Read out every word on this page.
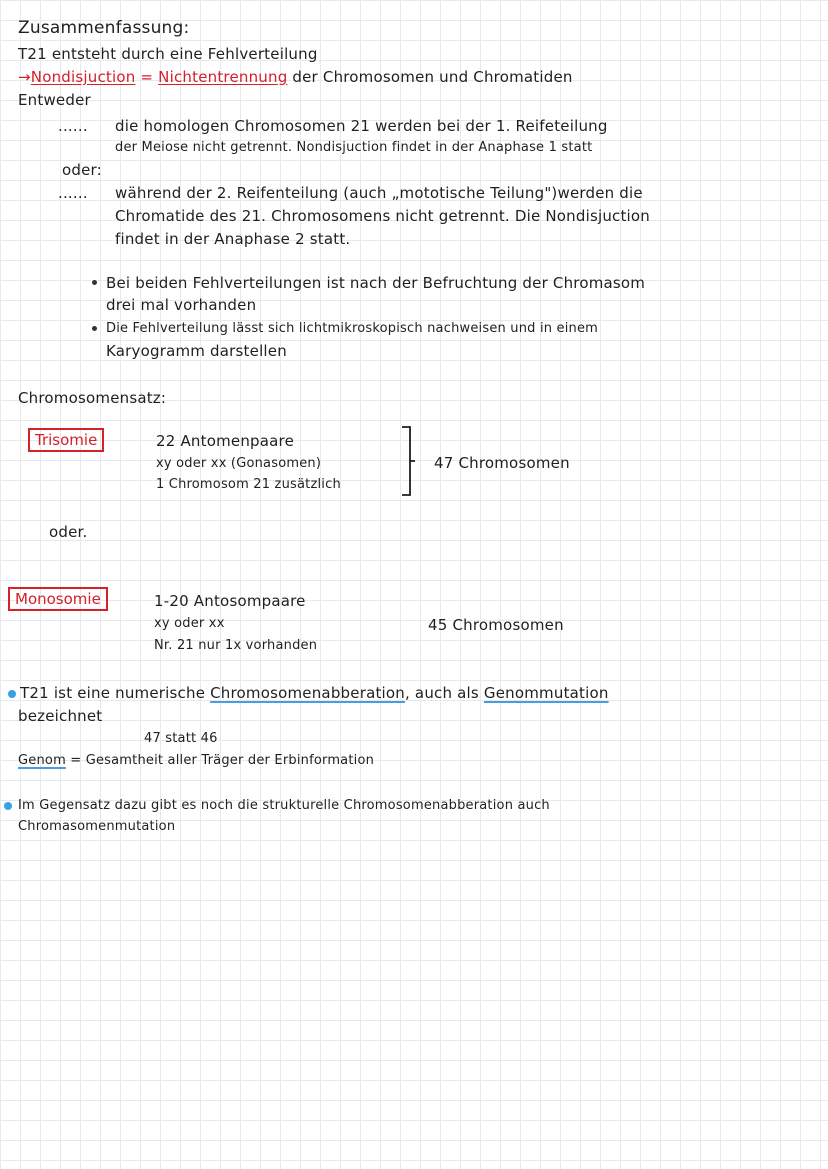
Zusammenfassung:
T21 entsteht durch eine Fehlverteilung
→Nondisjuction = Nichtentrennung der Chromosomen und Chromatiden
Entweder
...... die homologen Chromosomen 21 werden bei der 1. Reifeteilung
der Meiose nicht getrennt. Nondisjuction findet in der Anaphase 1 statt
oder:
...... während der 2. Reifenteilung (auch „mototische Teilung")werden die
Chromatide des 21. Chromosomens nicht getrennt. Die Nondisjuction
findet in der Anaphase 2 statt.
Bei beiden Fehlverteilungen ist nach der Befruchtung der Chromasom
drei mal vorhanden
Die Fehlverteilung lässt sich lichtmikroskopisch nachweisen und in einem
Karyogramm darstellen
Chromosomensatz:
Trisomie	22 Antomenpaare
xy oder xx (Gonasomen)
1 Chromosom 21 zusätzlich
47 Chromosomen
oder.
Monosomie	1-20 Antosompaare
xy oder xx
Nr. 21 nur 1x vorhanden
45 Chromosomen
T21 ist eine numerische Chromosomenabberation, auch als Genommutation
bezeichnet
47 statt 46
Genom = Gesamtheit aller Träger der Erbinformation
Im Gegensatz dazu gibt es noch die strukturelle Chromosomenabberation auch
Chromasomenmutation
